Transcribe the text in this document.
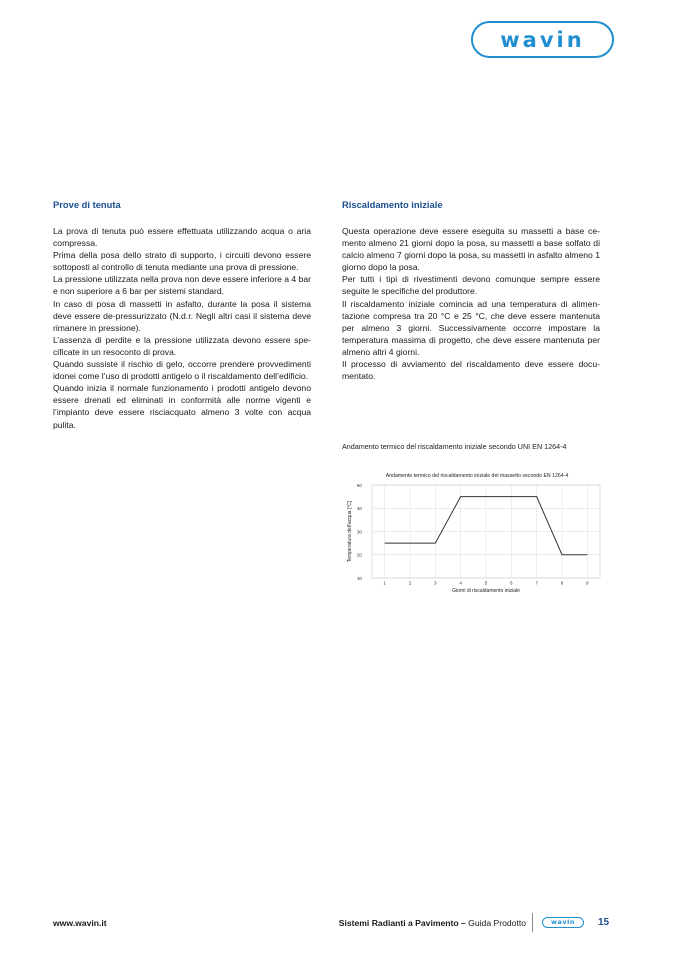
wavin
Prove di tenuta

La prova di tenuta può essere effettuata utilizzando acqua o aria compressa.

Prima della posa dello strato di supporto, i circuiti devono essere sottoposti al controllo di tenuta mediante una prova di pressione.

La pressione utilizzata nella prova non deve essere inferiore a 4 bar e non superiore a 6 bar per sistemi standard.

In caso di posa di massetti in asfalto, durante la posa il sistema deve essere de-pressurizzato (N.d.r. Negli altri casi il sistema deve rimanere in pressione).

L’assenza di perdite e la pressione utilizzata devono essere specificate in un resoconto di prova.

Quando sussiste il rischio di gelo, occorre prendere provvedimenti idonei come l’uso di prodotti antigelo o il riscaldamento dell’edificio.

Quando inizia il normale funzionamento i prodotti antigelo devono essere drenati ed eliminati in conformità alle norme vigenti e l’impianto deve essere risciacquato almeno 3 volte con acqua pulita.

Riscaldamento iniziale

Questa operazione deve essere eseguita su massetti a base cemento almeno 21 giorni dopo la posa, su massetti a base solfato di calcio almeno 7 giorni dopo la posa, su massetti in asfalto almeno 1 giorno dopo la posa.

Per tutti i tipi di rivestimenti devono comunque sempre essere seguite le specifiche del produttore.

Il riscaldamento iniziale comincia ad una temperatura di alimentazione compresa tra 20 °C e 25 °C, che deve essere mantenuta per almeno 3 giorni. Successivamente occorre impostare la temperatura massima di progetto, che deve essere mantenuta per almeno altri 4 giorni.

Il processo di avviamento del riscaldamento deve essere documentato.

Andamento termico del riscaldamento iniziale secondo UNI EN 1264-4
Andamento termico del riscaldamento iniziale del massetto secondo EN 1264-4
10
20
30
40
50
1	2	3	4	5	6	7	8	9
Temperatura dell'acqua [°C]
Giorni di riscaldamento iniziale
www.wavin.it	Sistemi Radianti a Pavimento – Guida Prodotto	wavin 15
